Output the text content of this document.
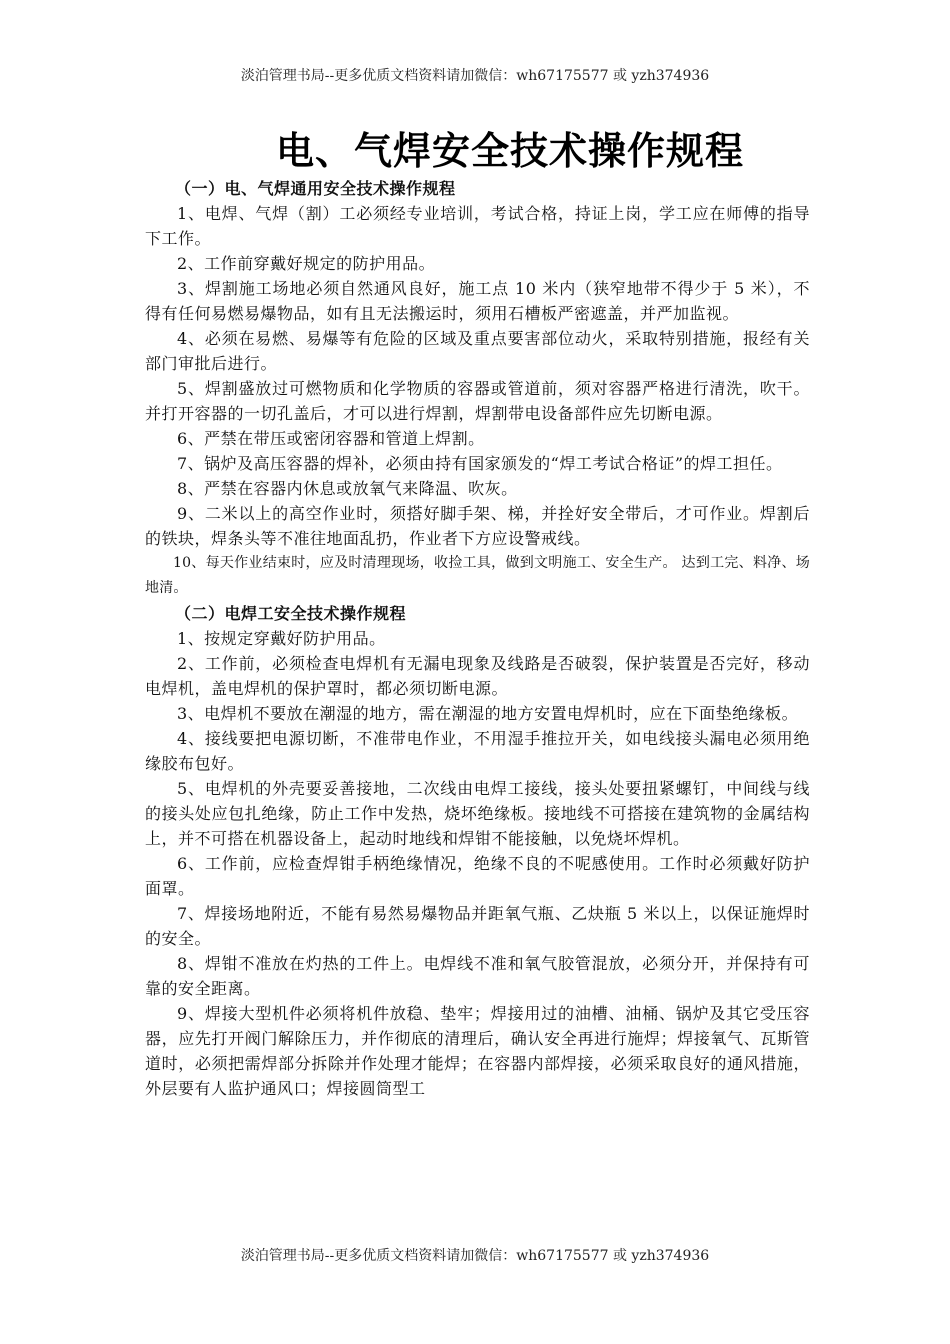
淡泊管理书局--更多优质文档资料请加微信：wh67175577 或 yzh374936
电、气焊安全技术操作规程
（一）电、气焊通用安全技术操作规程

1、电焊、气焊（割）工必须经专业培训，考试合格，持证上岗，学工应在师傅的指导下工作。

2、工作前穿戴好规定的防护用品。

3、焊割施工场地必须自然通风良好，施工点 10 米内（狭窄地带不得少于 5 米），不得有任何易燃易爆物品，如有且无法搬运时，须用石槽板严密遮盖，并严加监视。

4、必须在易燃、易爆等有危险的区域及重点要害部位动火，采取特别措施，报经有关部门审批后进行。

5、焊割盛放过可燃物质和化学物质的容器或管道前，须对容器严格进行清洗，吹干。并打开容器的一切孔盖后，才可以进行焊割，焊割带电设备部件应先切断电源。

6、严禁在带压或密闭容器和管道上焊割。

7、锅炉及高压容器的焊补，必须由持有国家颁发的“焊工考试合格证”的焊工担任。

8、严禁在容器内休息或放氧气来降温、吹灰。

9、二米以上的高空作业时，须搭好脚手架、梯，并拴好安全带后，才可作业。焊割后的铁块，焊条头等不准往地面乱扔，作业者下方应设警戒线。

10、每天作业结束时，应及时清理现场，收捡工具，做到文明施工、安全生产。 达到工完、料净、场地清。

（二）电焊工安全技术操作规程

1、按规定穿戴好防护用品。

2、工作前，必须检查电焊机有无漏电现象及线路是否破裂，保护装置是否完好，移动电焊机，盖电焊机的保护罩时，都必须切断电源。

3、电焊机不要放在潮湿的地方，需在潮湿的地方安置电焊机时，应在下面垫绝缘板。

4、接线要把电源切断，不准带电作业，不用湿手推拉开关，如电线接头漏电必须用绝缘胶布包好。

5、电焊机的外壳要妥善接地，二次线由电焊工接线，接头处要扭紧螺钉，中间线与线的接头处应包扎绝缘，防止工作中发热，烧坏绝缘板。接地线不可搭接在建筑物的金属结构上，并不可搭在机器设备上，起动时地线和焊钳不能接触，以免烧坏焊机。

6、工作前，应检查焊钳手柄绝缘情况，绝缘不良的不呢感使用。工作时必须戴好防护面罩。

7、焊接场地附近，不能有易然易爆物品并距氧气瓶、乙炔瓶 5 米以上，以保证施焊时的安全。

8、焊钳不准放在灼热的工件上。电焊线不准和氧气胶管混放，必须分开，并保持有可靠的安全距离。

9、焊接大型机件必须将机件放稳、垫牢；焊接用过的油槽、油桶、锅炉及其它受压容器，应先打开阀门解除压力，并作彻底的清理后，确认安全再进行施焊；焊接氧气、瓦斯管道时，必须把需焊部分拆除并作处理才能焊；在容器内部焊接，必须采取良好的通风措施，外层要有人监护通风口；焊接圆筒型工

淡泊管理书局--更多优质文档资料请加微信：wh67175577 或 yzh374936
